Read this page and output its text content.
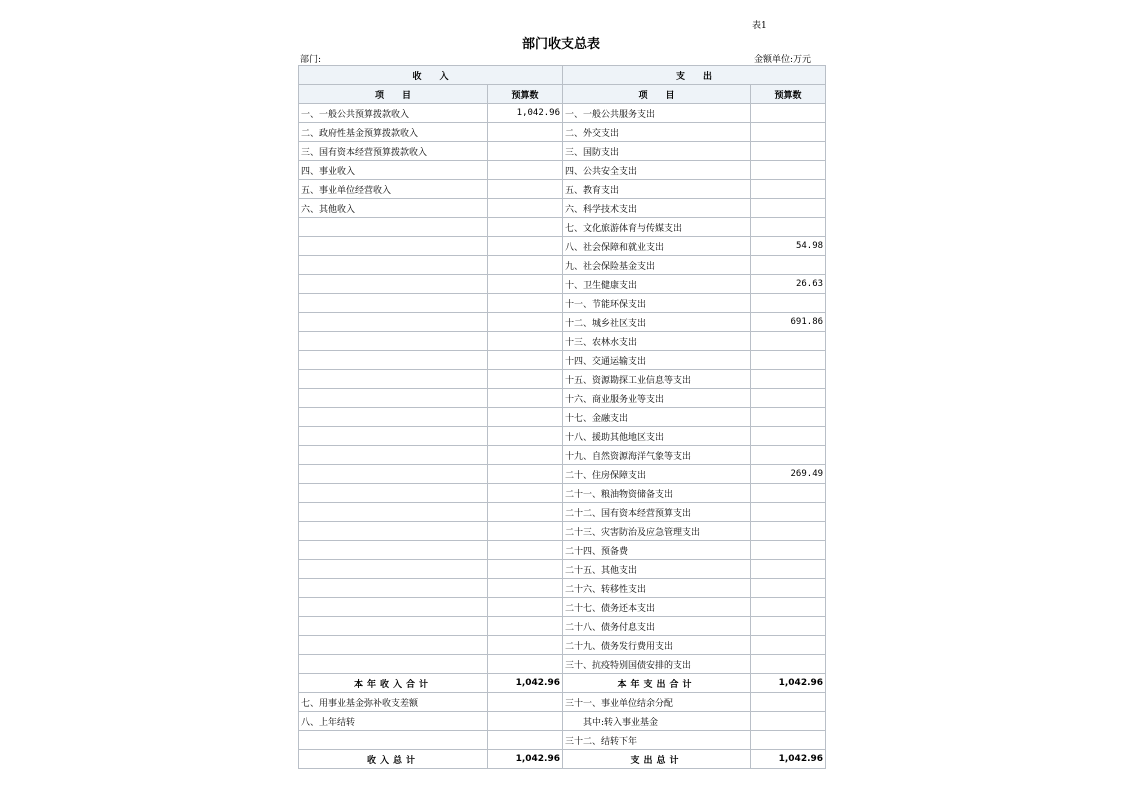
表1
部门收支总表
部门:	金额单位:万元
收　　入		支　　出	
项　　目	预算数	项　　目	预算数
一、一般公共预算拨款收入	1,042.96	一、一般公共服务支出	
二、政府性基金预算拨款收入		二、外交支出	
三、国有资本经营预算拨款收入		三、国防支出	
四、事业收入		四、公共安全支出	
五、事业单位经营收入		五、教育支出	
六、其他收入		六、科学技术支出	
		七、文化旅游体育与传媒支出	
		八、社会保障和就业支出	54.98
		九、社会保险基金支出	
		十、卫生健康支出	26.63
		十一、节能环保支出	
		十二、城乡社区支出	691.86
		十三、农林水支出	
		十四、交通运输支出	
		十五、资源勘探工业信息等支出	
		十六、商业服务业等支出	
		十七、金融支出	
		十八、援助其他地区支出	
		十九、自然资源海洋气象等支出	
		二十、住房保障支出	269.49
		二十一、粮油物资储备支出	
		二十二、国有资本经营预算支出	
		二十三、灾害防治及应急管理支出	
		二十四、预备费	
		二十五、其他支出	
		二十六、转移性支出	
		二十七、债务还本支出	
		二十八、债务付息支出	
		二十九、债务发行费用支出	
		三十、抗疫特别国债安排的支出	
本年收入合计	1,042.96	本年支出合计	1,042.96
七、用事业基金弥补收支差额		三十一、事业单位结余分配	
八、上年结转		其中:转入事业基金	
		三十二、结转下年	
收入总计	1,042.96	支出总计	1,042.96
